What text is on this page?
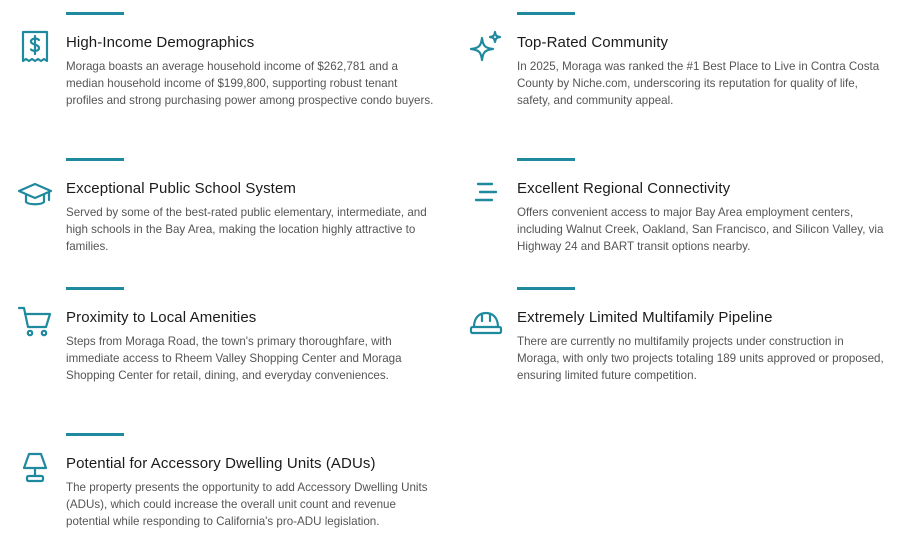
High-Income Demographics

Moraga boasts an average household income of $262,781 and a median household income of $199,800, supporting robust tenant profiles and strong purchasing power among prospective condo buyers.

Top-Rated Community

In 2025, Moraga was ranked the #1 Best Place to Live in Contra Costa County by Niche.com, underscoring its reputation for quality of life, safety, and community appeal.

Exceptional Public School System

Served by some of the best-rated public elementary, intermediate, and high schools in the Bay Area, making the location highly attractive to families.

Excellent Regional Connectivity

Offers convenient access to major Bay Area employment centers, including Walnut Creek, Oakland, San Francisco, and Silicon Valley, via Highway 24 and BART transit options nearby.

Proximity to Local Amenities

Steps from Moraga Road, the town's primary thoroughfare, with immediate access to Rheem Valley Shopping Center and Moraga Shopping Center for retail, dining, and everyday conveniences.

Extremely Limited Multifamily Pipeline

There are currently no multifamily projects under construction in Moraga, with only two projects totaling 189 units approved or proposed, ensuring limited future competition.

Potential for Accessory Dwelling Units (ADUs)

The property presents the opportunity to add Accessory Dwelling Units (ADUs), which could increase the overall unit count and revenue potential while responding to California's pro-ADU legislation.
